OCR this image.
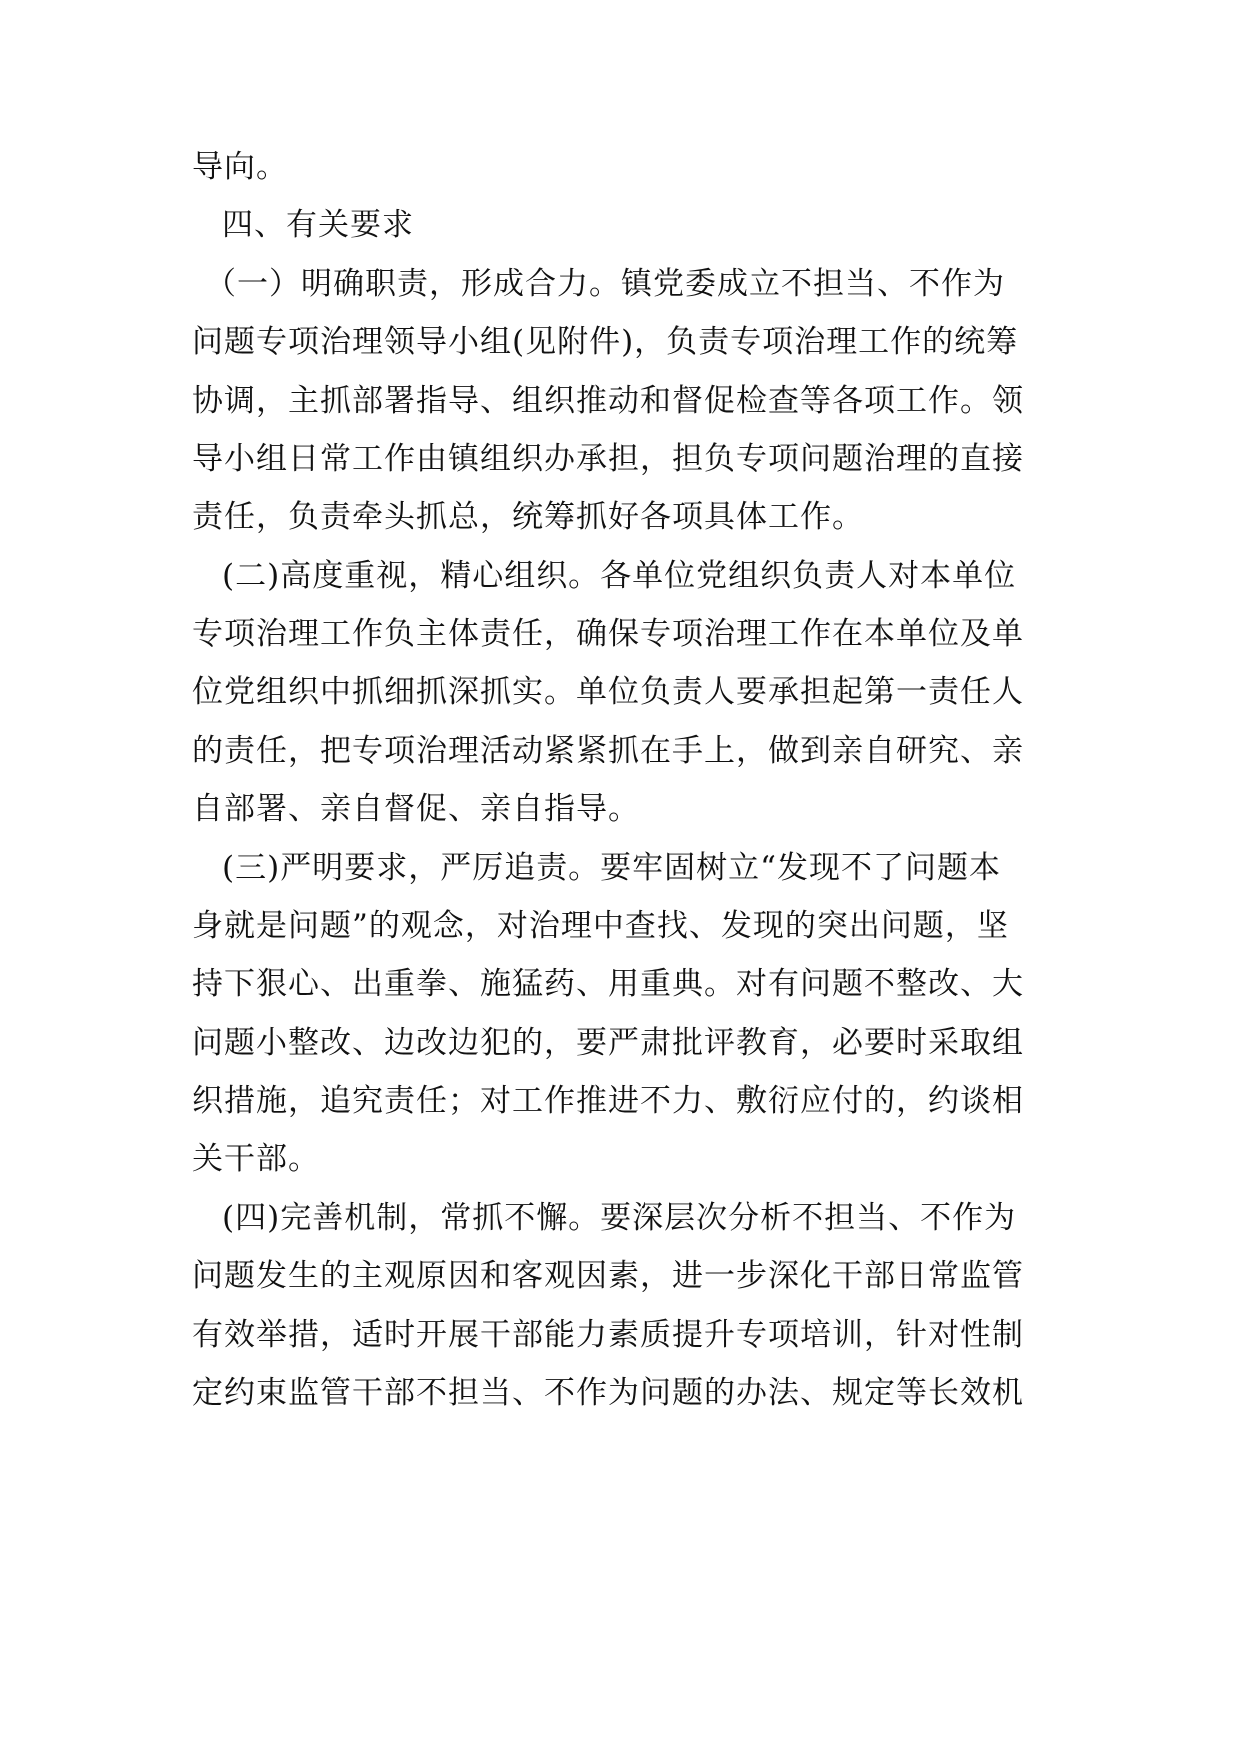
导向。
四、有关要求
（一）明确职责，形成合力。镇党委成立不担当、不作为
问题专项治理领导小组(见附件)，负责专项治理工作的统筹
协调，主抓部署指导、组织推动和督促检查等各项工作。领
导小组日常工作由镇组织办承担，担负专项问题治理的直接
责任，负责牵头抓总，统筹抓好各项具体工作。
(二)高度重视，精心组织。各单位党组织负责人对本单位
专项治理工作负主体责任，确保专项治理工作在本单位及单
位党组织中抓细抓深抓实。单位负责人要承担起第一责任人
的责任，把专项治理活动紧紧抓在手上，做到亲自研究、亲
自部署、亲自督促、亲自指导。
(三)严明要求，严厉追责。要牢固树立“发现不了问题本
身就是问题”的观念，对治理中查找、发现的突出问题，坚
持下狠心、出重拳、施猛药、用重典。对有问题不整改、大
问题小整改、边改边犯的，要严肃批评教育，必要时采取组
织措施，追究责任；对工作推进不力、敷衍应付的，约谈相
关干部。
(四)完善机制，常抓不懈。要深层次分析不担当、不作为
问题发生的主观原因和客观因素，进一步深化干部日常监管
有效举措，适时开展干部能力素质提升专项培训，针对性制
定约束监管干部不担当、不作为问题的办法、规定等长效机
